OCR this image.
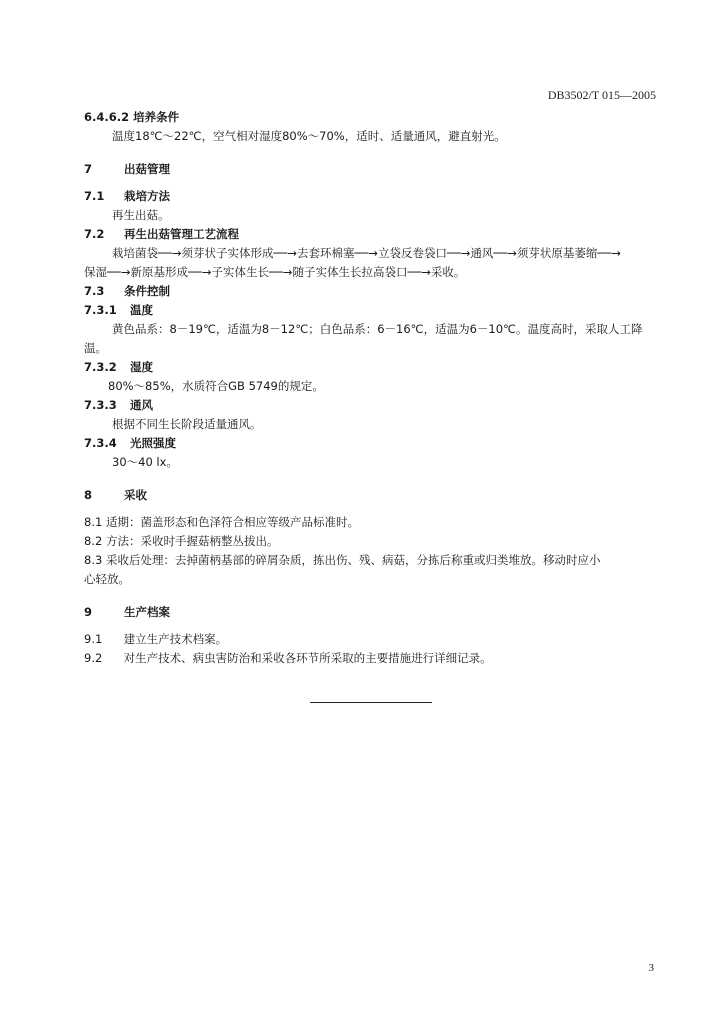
DB3502/T 015—2005
6.4.6.2 培养条件
温度18℃～22℃，空气相对湿度80%～70%，适时、适量通风，避直射光。
7	出菇管理
7.1 栽培方法
再生出菇。
7.2 再生出菇管理工艺流程
栽培菌袋──→须芽状子实体形成──→去套环棉塞──→立袋反卷袋口──→通风──→须芽状原基萎缩──→
保湿──→新原基形成──→子实体生长──→随子实体生长拉高袋口──→采收。
7.3 条件控制
7.3.1 温度
黄色品系：8－19℃，适温为8－12℃；白色品系：6－16℃，适温为6－10℃。温度高时，采取人工降
温。
7.3.2 湿度
80%～85%，水质符合GB 5749的规定。
7.3.3 通风
根据不同生长阶段适量通风。
7.3.4 光照强度
30～40 lx。
8	采收
8.1 适期：菌盖形态和色泽符合相应等级产品标准时。
8.2 方法：采收时手握菇柄整丛拔出。
8.3 采收后处理：去掉菌柄基部的碎屑杂质，拣出伤、残、病菇，分拣后称重或归类堆放。移动时应小
心轻放。
9	生产档案
9.1 建立生产技术档案。
9.2 对生产技术、病虫害防治和采收各环节所采取的主要措施进行详细记录。
3
